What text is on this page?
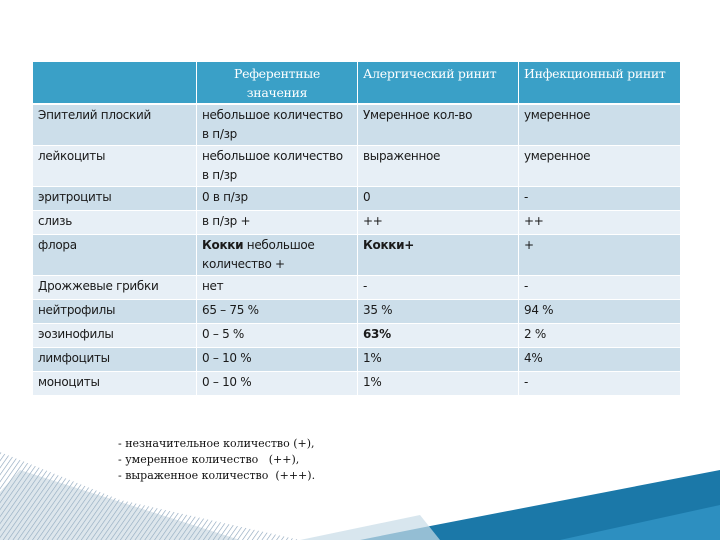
	Референтные значения	Алергический ринит	Инфекционный ринит
Эпителий плоский	небольшое количество в п/зр	Умеренное кол-во	умеренное
лейкоциты	небольшое количество в п/зр	выраженное	умеренное
эритроциты	0 в п/зр	0	-
слизь	в п/зр +	++	++
флора	Кокки небольшое количество +	Кокки+	+
Дрожжевые грибки	нет	-	-
нейтрофилы	65 – 75 %	35 %	94 %
эозинофилы	0 – 5 %	63%	2 %
лимфоциты	0 – 10 %	1%	4%
моноциты	0 – 10 %	1%	-
- незначительное количество (+),
- умеренное количество   (++),
- выраженное количество  (+++).
